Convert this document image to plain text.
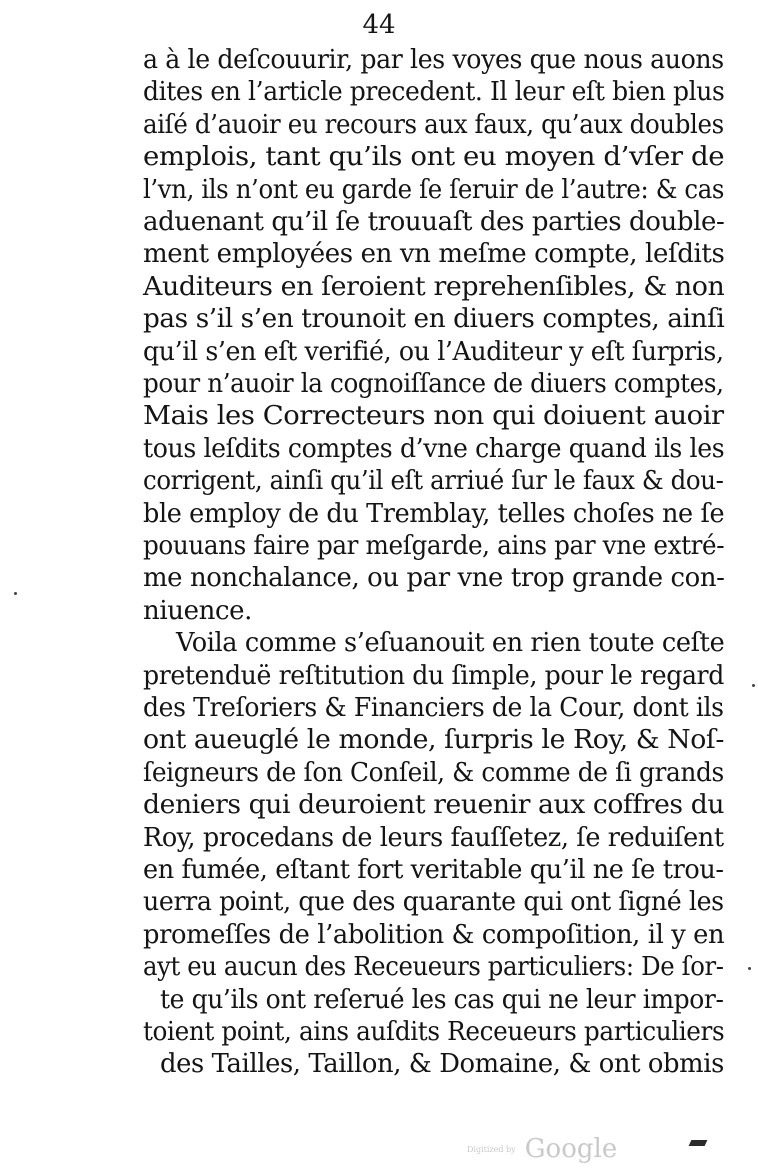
44
a à le deſcouurir, par les voyes que nous auons
dites en l’article precedent. Il leur eſt bien plus
aiſé d’auoir eu recours aux faux, qu’aux doubles
emplois, tant qu’ils ont eu moyen d’vſer de
l’vn, ils n’ont eu garde ſe ſeruir de l’autre: & cas
aduenant qu’il ſe trouuaſt des parties double-
ment employées en vn meſme compte, leſdits
Auditeurs en ſeroient reprehenſibles, & non
pas s’il s’en trounoit en diuers comptes, ainſi
qu’il s’en eſt verifié, ou l’Auditeur y eſt ſurpris,
pour n’auoir la cognoiſſance de diuers comptes,
Mais les Correcteurs non qui doiuent auoir
tous leſdits comptes d’vne charge quand ils les
corrigent, ainſi qu’il eſt arriué ſur le faux & dou-
ble employ de du Tremblay, telles choſes ne ſe
pouuans faire par meſgarde, ains par vne extré-
me nonchalance, ou par vne trop grande con-
niuence.
Voila comme s’eſuanouit en rien toute ceſte
pretenduë reſtitution du ſimple, pour le regard
des Treſoriers & Financiers de la Cour, dont ils
ont aueuglé le monde, ſurpris le Roy, & Noſ-
ſeigneurs de ſon Conſeil, & comme de ſi grands
deniers qui deuroient reuenir aux coffres du
Roy, procedans de leurs fauſſetez, ſe reduiſent
en fumée, eſtant fort veritable qu’il ne ſe trou-
uerra point, que des quarante qui ont ſigné les
promeſſes de l’abolition & compoſition, il y en
ayt eu aucun des Receueurs particuliers: De ſor-
te qu’ils ont reſerué les cas qui ne leur impor-
toient point, ains auſdits Receueurs particuliers
des Tailles, Taillon, & Domaine, & ont obmis
Digitized by Google
